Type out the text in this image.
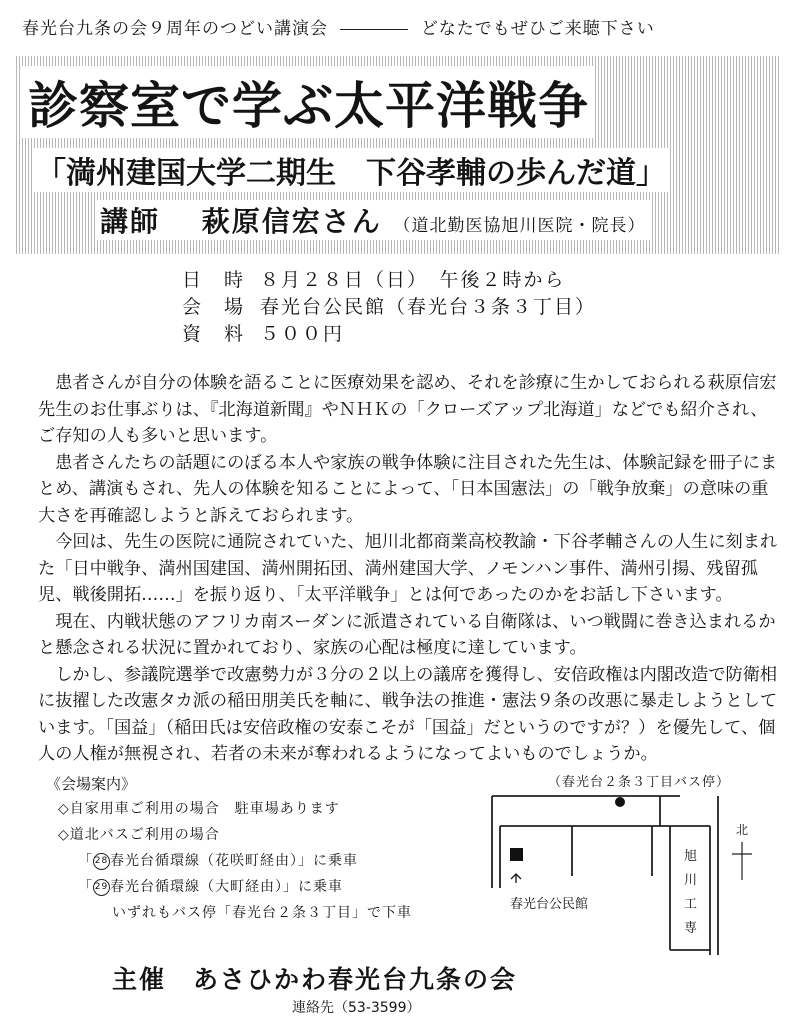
春光台九条の会９周年のつどい講演会	どなたでもぜひご来聴下さい
診察室で学ぶ太平洋戦争
「満州建国大学二期生　下谷孝輔の歩んだ道」
講師　 萩原信宏さん （道北勤医協旭川医院・院長）
日　時 ８月２８日（日）　午後２時から
会　場 春光台公民館（春光台３条３丁目）
資　料 ５００円

患者さんが自分の体験を語ることに医療効果を認め、それを診療に生かしておられる萩原信宏先生のお仕事ぶりは、『北海道新聞』やＮＨＫの「クローズアップ北海道」などでも紹介され、ご存知の人も多いと思います。

患者さんたちの話題にのぼる本人や家族の戦争体験に注目された先生は、体験記録を冊子にまとめ、講演もされ、先人の体験を知ることによって、「日本国憲法」の「戦争放棄」の意味の重大さを再確認しようと訴えておられます。

今回は、先生の医院に通院されていた、旭川北都商業高校教諭・下谷孝輔さんの人生に刻まれた「日中戦争、満州国建国、満州開拓団、満州建国大学、ノモンハン事件、満州引揚、残留孤児、戦後開拓……」を振り返り、「太平洋戦争」とは何であったのかをお話し下さいます。

現在、内戦状態のアフリカ南スーダンに派遣されている自衛隊は、いつ戦闘に巻き込まれるかと懸念される状況に置かれており、家族の心配は極度に達しています。

しかし、参議院選挙で改憲勢力が３分の２以上の議席を獲得し、安倍政権は内閣改造で防衛相に抜擢した改憲タカ派の稲田朋美氏を軸に、戦争法の推進・憲法９条の改悪に暴走しようとしています。「国益」（稲田氏は安倍政権の安泰こそが「国益」だというのですが？）を優先して、個人の人権が無視され、若者の未来が奪われるようになってよいものでしょうか。

《会場案内》	（春光台２条３丁目バス停）
◇自家用車ご利用の場合　駐車場あります
◇道北バスご利用の場合
「 28 春光台循環線（花咲町経由）」に乗車
「 29 春光台循環線（大町経由）」に乗車
いずれもバス停「春光台２条３丁目」で下車
春光台公民館
旭
川
工
専
北
主催　あさひかわ春光台九条の会
連絡先（53-3599）
